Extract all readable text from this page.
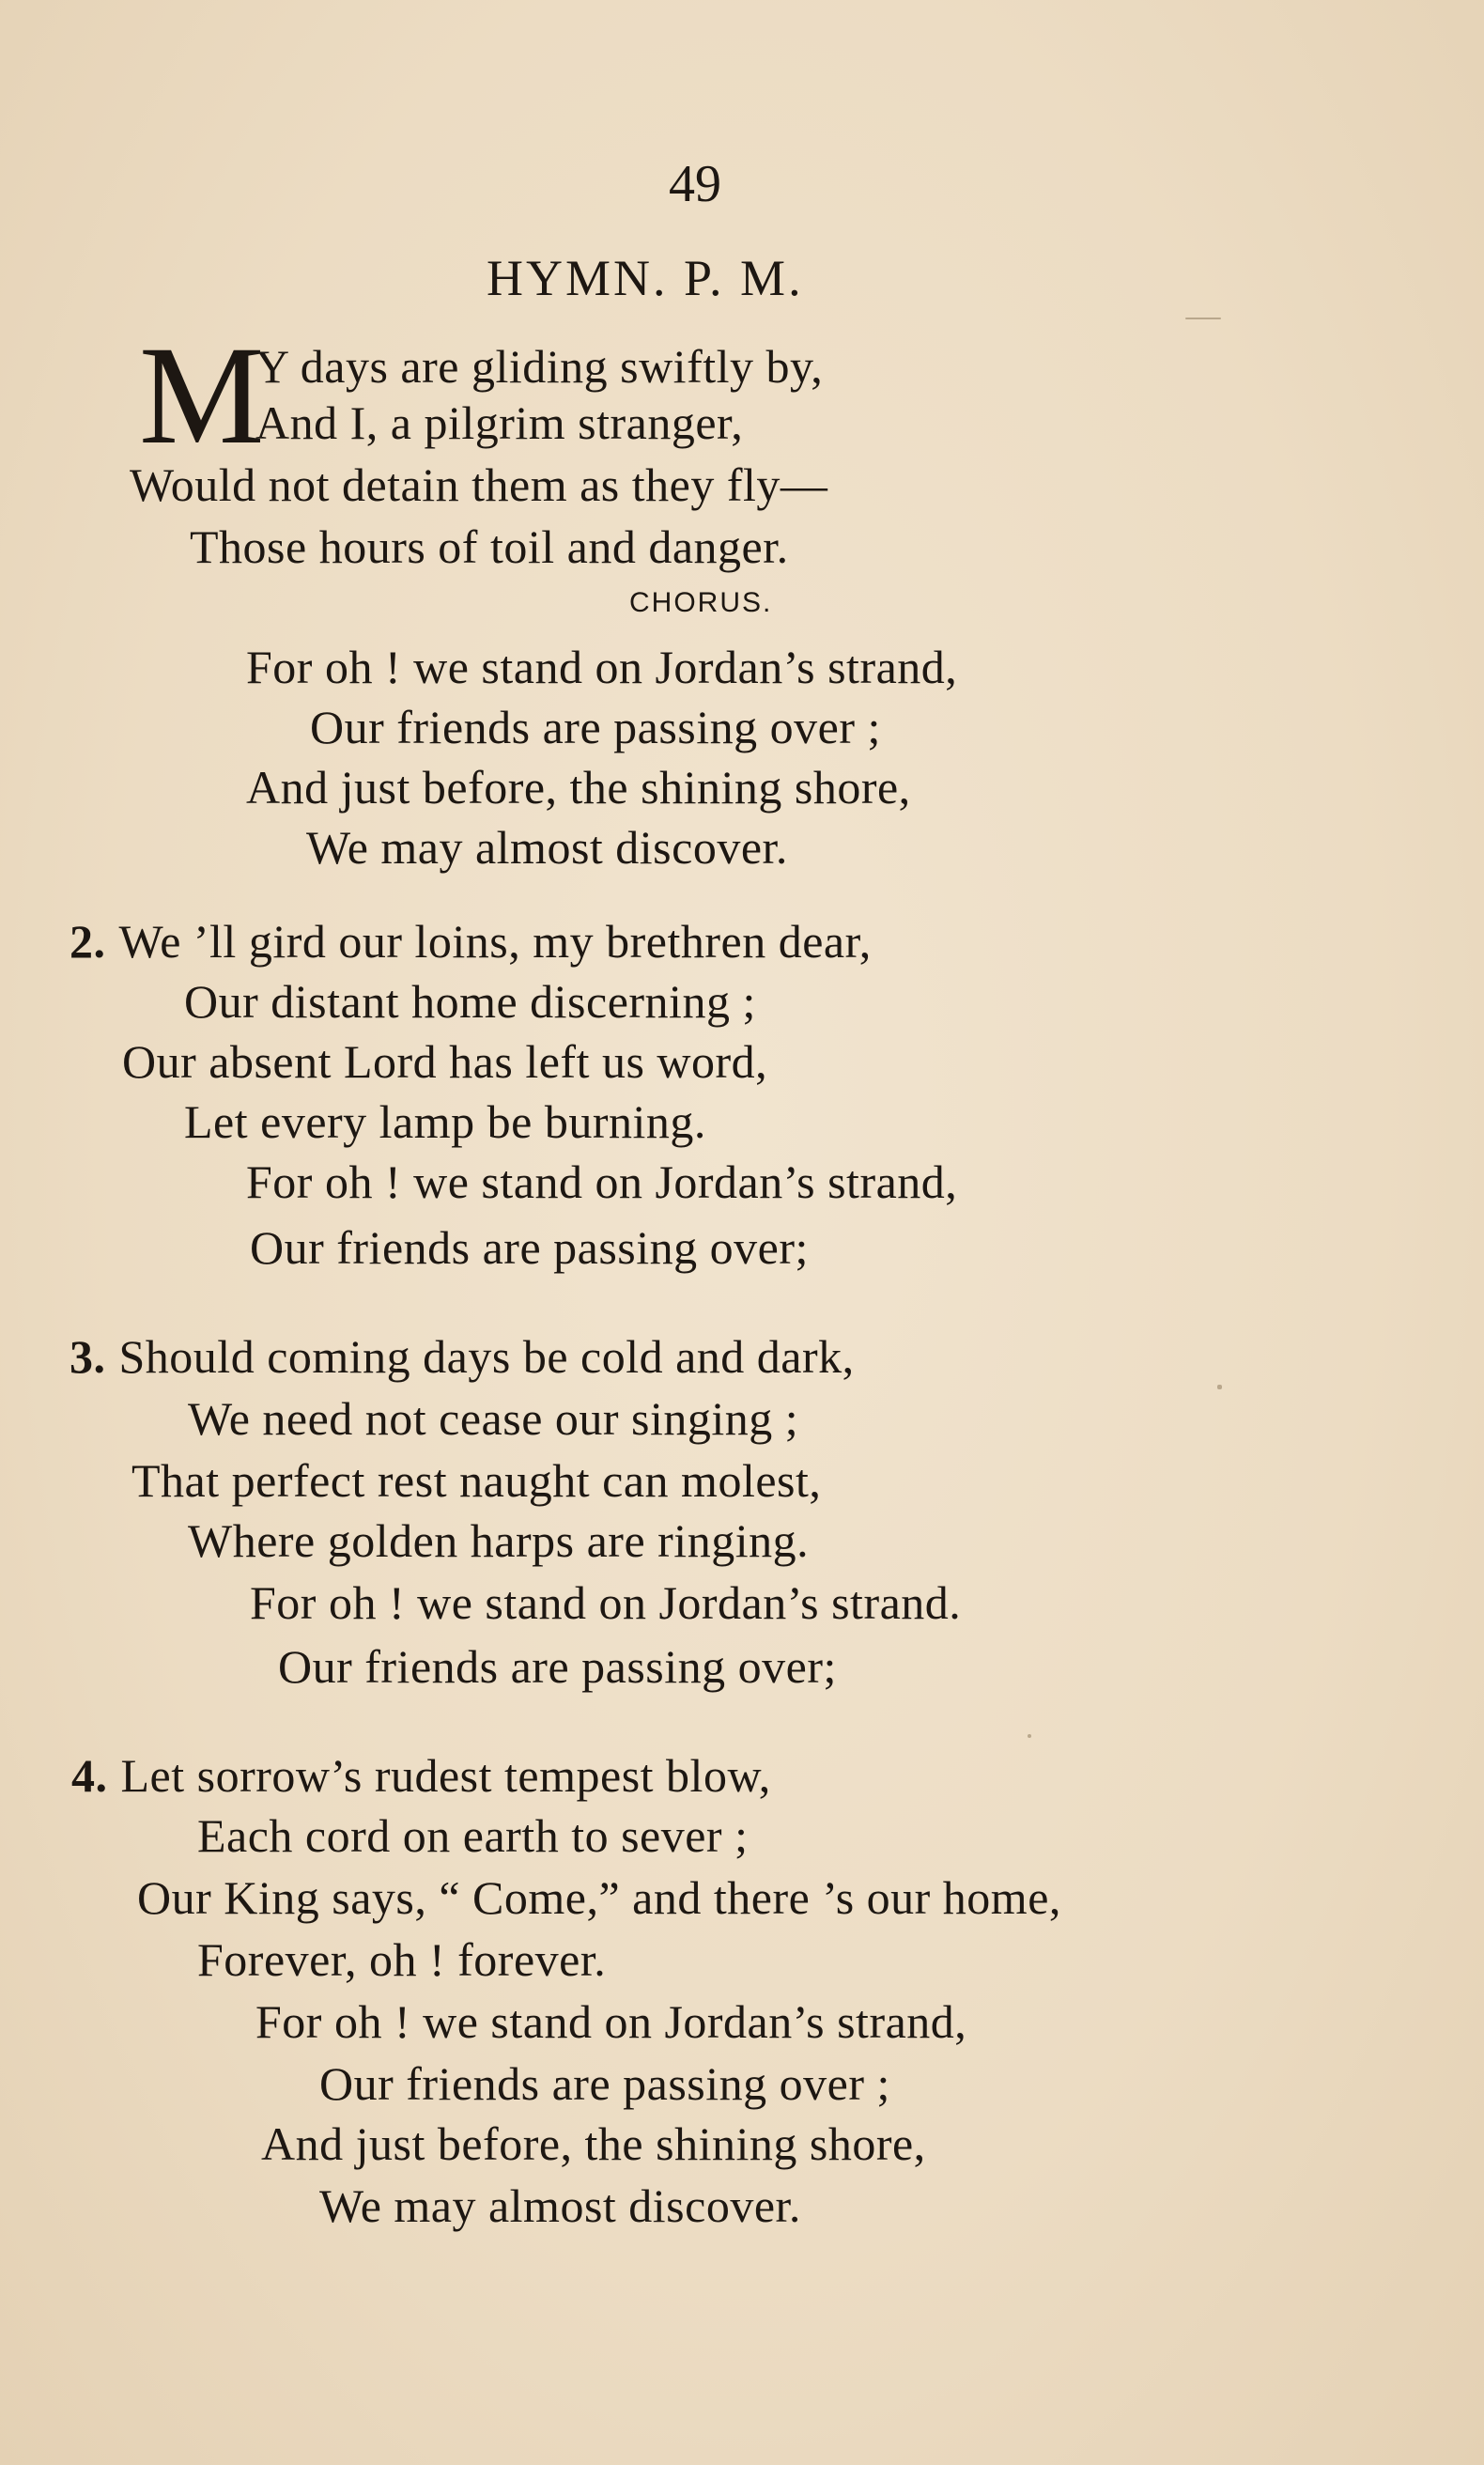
49
HYMN. P. M.
M
Y days are gliding swiftly by,
And I, a pilgrim stranger,
Would not detain them as they fly—
Those hours of toil and danger.
CHORUS.
For oh ! we stand on Jordan’s strand,
Our friends are passing over ;
And just before, the shining shore,
We may almost discover.
2. We ’ll gird our loins, my brethren dear,
Our distant home discerning ;
Our absent Lord has left us word,
Let every lamp be burning.
For oh ! we stand on Jordan’s strand,
Our friends are passing over;
3. Should coming days be cold and dark,
We need not cease our singing ;
That perfect rest naught can molest,
Where golden harps are ringing.
For oh ! we stand on Jordan’s strand.
Our friends are passing over;
4. Let sorrow’s rudest tempest blow,
Each cord on earth to sever ;
Our King says, “ Come,” and there ’s our home,
Forever, oh ! forever.
For oh ! we stand on Jordan’s strand,
Our friends are passing over ;
And just before, the shining shore,
We may almost discover.
